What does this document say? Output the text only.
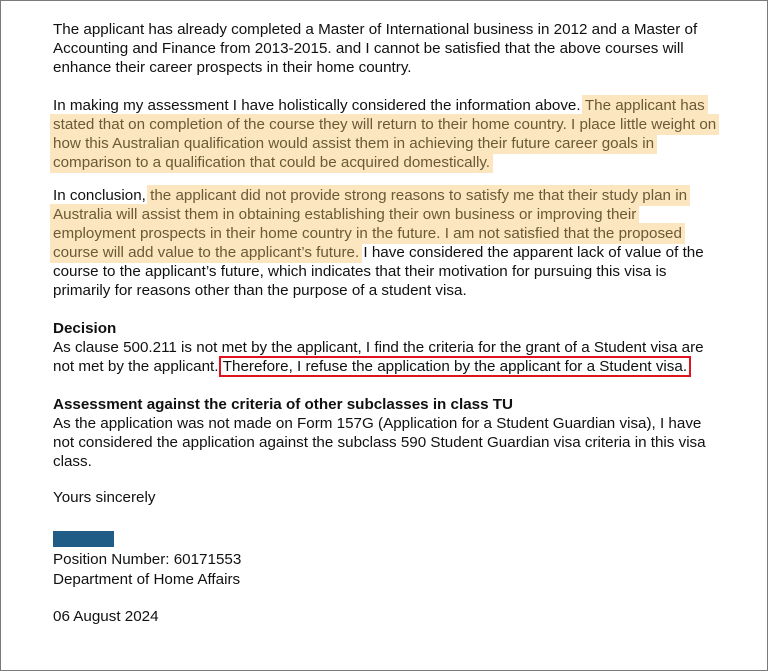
The applicant has already completed a Master of International business in 2012 and a Master of Accounting and Finance from 2013-2015. and I cannot be satisfied that the above courses will enhance their career prospects in their home country.

In making my assessment I have holistically considered the information above. The applicant has stated that on completion of the course they will return to their home country. I place little weight on how this Australian qualification would assist them in achieving their future career goals in comparison to a qualification that could be acquired domestically.

In conclusion, the applicant did not provide strong reasons to satisfy me that their study plan in Australia will assist them in obtaining establishing their own business or improving their employment prospects in their home country in the future. I am not satisfied that the proposed course will add value to the applicant’s future. I have considered the apparent lack of value of the course to the applicant’s future, which indicates that their motivation for pursuing this visa is primarily for reasons other than the purpose of a student visa.

Decision

As clause 500.211 is not met by the applicant, I find the criteria for the grant of a Student visa are not met by the applicant. Therefore, I refuse the application by the applicant for a Student visa.

Assessment against the criteria of other subclasses in class TU

As the application was not made on Form 157G (Application for a Student Guardian visa), I have not considered the application against the subclass 590 Student Guardian visa criteria in this visa class.

Yours sincerely

Position Number: 60171553

Department of Home Affairs

06 August 2024
